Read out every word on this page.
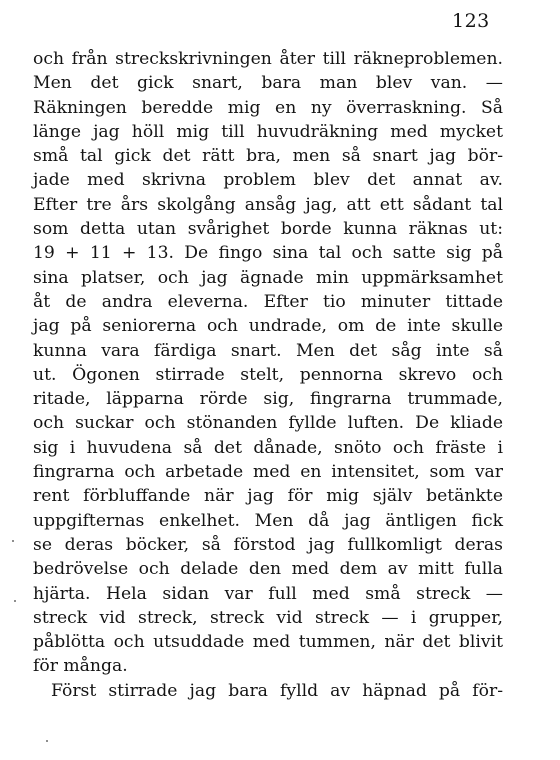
123
och från streckskrivningen åter till räkneproblemen.
Men det gick snart, bara man blev van. —
Räkningen beredde mig en ny överraskning. Så
länge jag höll mig till huvudräkning med mycket
små tal gick det rätt bra, men så snart jag bör-
jade med skrivna problem blev det annat av.
Efter tre års skolgång ansåg jag, att ett sådant tal
som detta utan svårighet borde kunna räknas ut:
19 + 11 + 13. De fingo sina tal och satte sig på
sina platser, och jag ägnade min uppmärksamhet
åt de andra eleverna. Efter tio minuter tittade
jag på seniorerna och undrade, om de inte skulle
kunna vara färdiga snart. Men det såg inte så
ut. Ögonen stirrade stelt, pennorna skrevo och
ritade, läpparna rörde sig, fingrarna trummade,
och suckar och stönanden fyllde luften. De kliade
sig i huvudena så det dånade, snöto och fräste i
fingrarna och arbetade med en intensitet, som var
rent förbluffande när jag för mig själv betänkte
uppgifternas enkelhet. Men då jag äntligen fick
se deras böcker, så förstod jag fullkomligt deras
bedrövelse och delade den med dem av mitt fulla
hjärta. Hela sidan var full med små streck —
streck vid streck, streck vid streck — i grupper,
påblötta och utsuddade med tummen, när det blivit
för många.
Först stirrade jag bara fylld av häpnad på för-
